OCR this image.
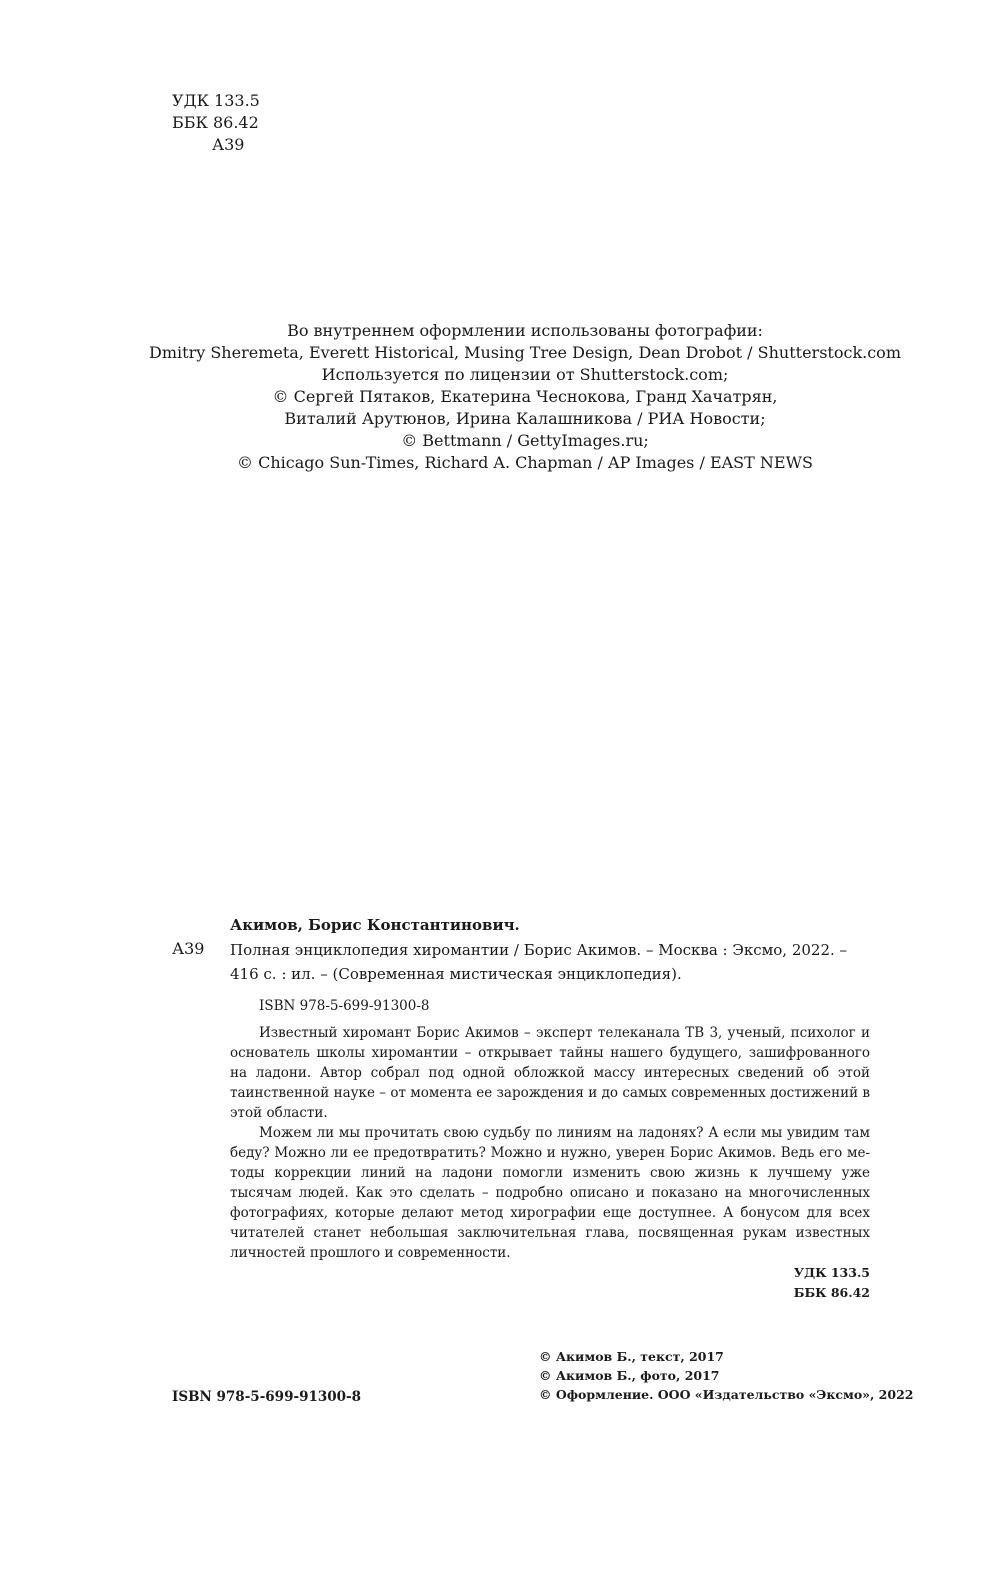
УДК 133.5
ББК 86.42
А39
Во внутреннем оформлении использованы фотографии:
Dmitry Sheremeta, Everett Historical, Musing Tree Design, Dean Drobot / Shutterstock.com
Используется по лицензии от Shutterstock.com;
© Сергей Пятаков, Екатерина Чеснокова, Гранд Хачатрян,
Виталий Арутюнов, Ирина Калашникова / РИА Новости;
© Bettmann / GettyImages.ru;
© Chicago Sun-Times, Richard A. Chapman / AP Images / EAST NEWS
Акимов, Борис Константинович.
А39 Полная энциклопедия хиромантии / Борис Акимов. – Москва : Эксмо, 2022. –
416 с. : ил. – (Современная мистическая энциклопедия).
ISBN 978-5-699-91300-8

Известный хиромант Борис Акимов – эксперт телеканала ТВ 3, ученый, психолог и основатель школы хиромантии – открывает тайны нашего будущего, зашифрованного на ладони. Автор собрал под одной обложкой массу интересных сведений об этой таинственной науке – от момента ее зарождения и до самых современных достижений в этой области.

Можем ли мы прочитать свою судьбу по линиям на ладонях? А если мы увидим там беду? Можно ли ее предотвратить? Можно и нужно, уверен Борис Акимов. Ведь его методы коррекции линий на ладони помогли изменить свою жизнь к лучшему уже тысячам людей. Как это сделать – подробно описано и показано на многочисленных фотографиях, которые делают метод хирографии еще доступнее. А бонусом для всех читателей станет небольшая заключительная глава, посвященная рукам известных личностей прошлого и современности.

УДК 133.5
ББК 86.42
ISBN 978-5-699-91300-8
© Акимов Б., текст, 2017
© Акимов Б., фото, 2017
© Оформление. ООО «Издательство «Эксмо», 2022
